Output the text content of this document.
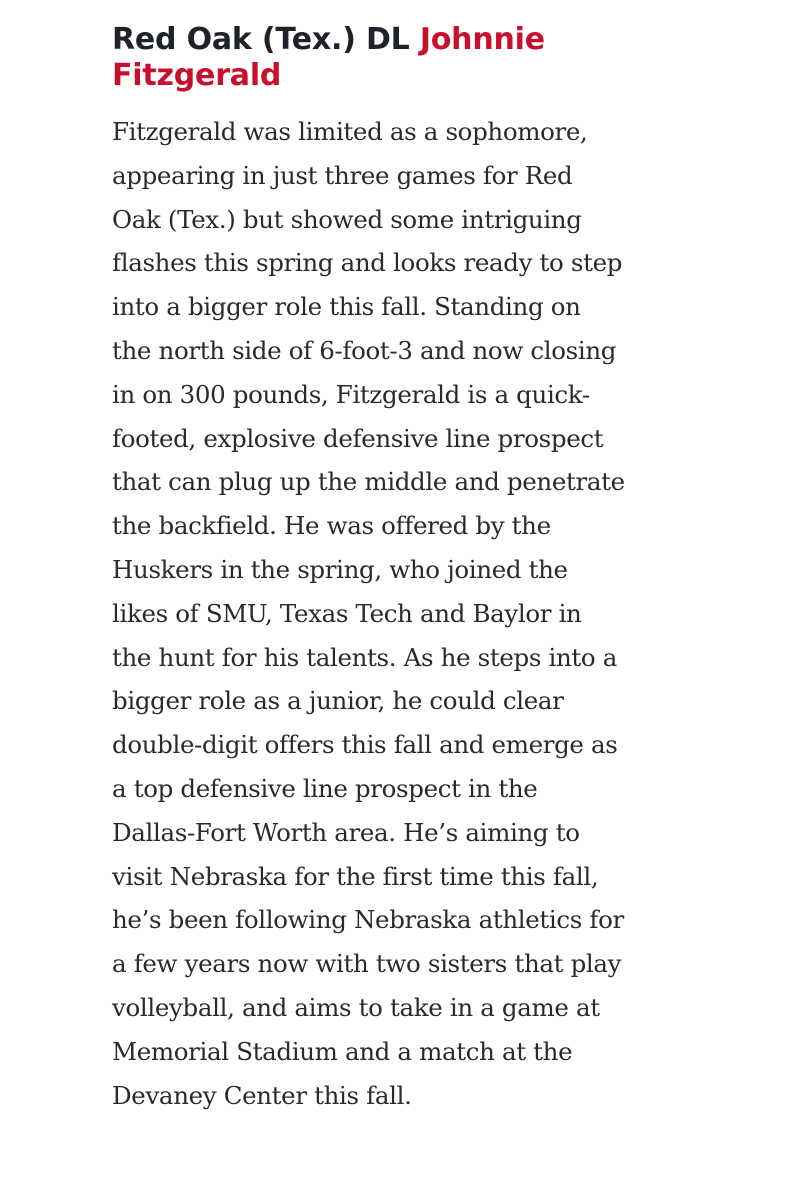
Red Oak (Tex.) DL Johnnie Fitzgerald

Fitzgerald was limited as a sophomore, appearing in just three games for Red Oak (Tex.) but showed some intriguing flashes this spring and looks ready to step into a bigger role this fall. Standing on the north side of 6-foot-3 and now closing in on 300 pounds, Fitzgerald is a quick-footed, explosive defensive line prospect that can plug up the middle and penetrate the backfield. He was offered by the Huskers in the spring, who joined the likes of SMU, Texas Tech and Baylor in the hunt for his talents. As he steps into a bigger role as a junior, he could clear double-digit offers this fall and emerge as a top defensive line prospect in the Dallas-Fort Worth area. He’s aiming to visit Nebraska for the first time this fall, he’s been following Nebraska athletics for a few years now with two sisters that play volleyball, and aims to take in a game at Memorial Stadium and a match at the Devaney Center this fall.
